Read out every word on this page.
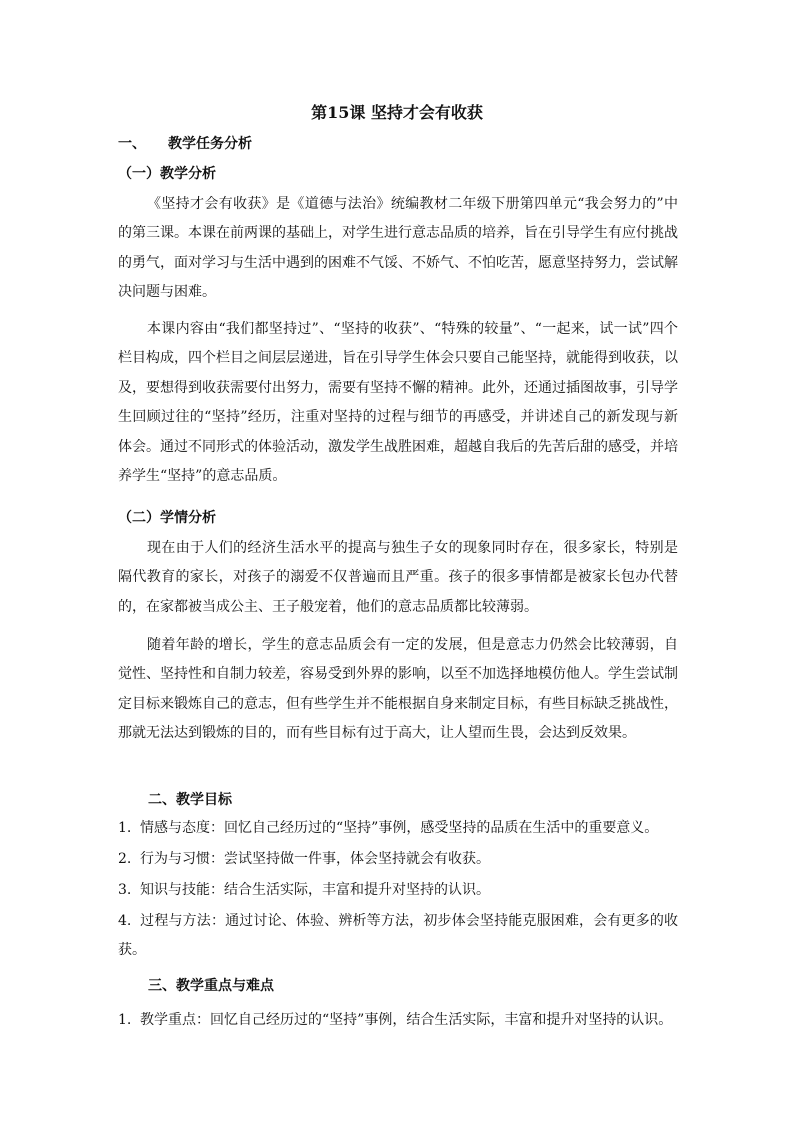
第15课 坚持才会有收获
一、 教学任务分析
（一）教学分析

《坚持才会有收获》是《道德与法治》统编教材二年级下册第四单元“我会努力的”中的第三课。本课在前两课的基础上，对学生进行意志品质的培养，旨在引导学生有应付挑战的勇气，面对学习与生活中遇到的困难不气馁、不娇气、不怕吃苦，愿意坚持努力，尝试解决问题与困难。

本课内容由“我们都坚持过”、“坚持的收获”、“特殊的较量”、“一起来，试一试”四个栏目构成，四个栏目之间层层递进，旨在引导学生体会只要自己能坚持，就能得到收获，以及，要想得到收获需要付出努力，需要有坚持不懈的精神。此外，还通过插图故事，引导学生回顾过往的“坚持”经历，注重对坚持的过程与细节的再感受，并讲述自己的新发现与新体会。通过不同形式的体验活动，激发学生战胜困难，超越自我后的先苦后甜的感受，并培养学生“坚持”的意志品质。

（二）学情分析

现在由于人们的经济生活水平的提高与独生子女的现象同时存在，很多家长，特别是隔代教育的家长，对孩子的溺爱不仅普遍而且严重。孩子的很多事情都是被家长包办代替的，在家都被当成公主、王子般宠着，他们的意志品质都比较薄弱。

随着年龄的增长，学生的意志品质会有一定的发展，但是意志力仍然会比较薄弱，自觉性、坚持性和自制力较差，容易受到外界的影响，以至不加选择地模仿他人。学生尝试制定目标来锻炼自己的意志，但有些学生并不能根据自身来制定目标，有些目标缺乏挑战性，那就无法达到锻炼的目的，而有些目标有过于高大，让人望而生畏，会达到反效果。

二、教学目标

1. 情感与态度：回忆自己经历过的“坚持”事例，感受坚持的品质在生活中的重要意义。

2. 行为与习惯：尝试坚持做一件事，体会坚持就会有收获。

3. 知识与技能：结合生活实际，丰富和提升对坚持的认识。

4. 过程与方法：通过讨论、体验、辨析等方法，初步体会坚持能克服困难，会有更多的收获。

三、教学重点与难点

1. 教学重点：回忆自己经历过的“坚持”事例，结合生活实际，丰富和提升对坚持的认识。
